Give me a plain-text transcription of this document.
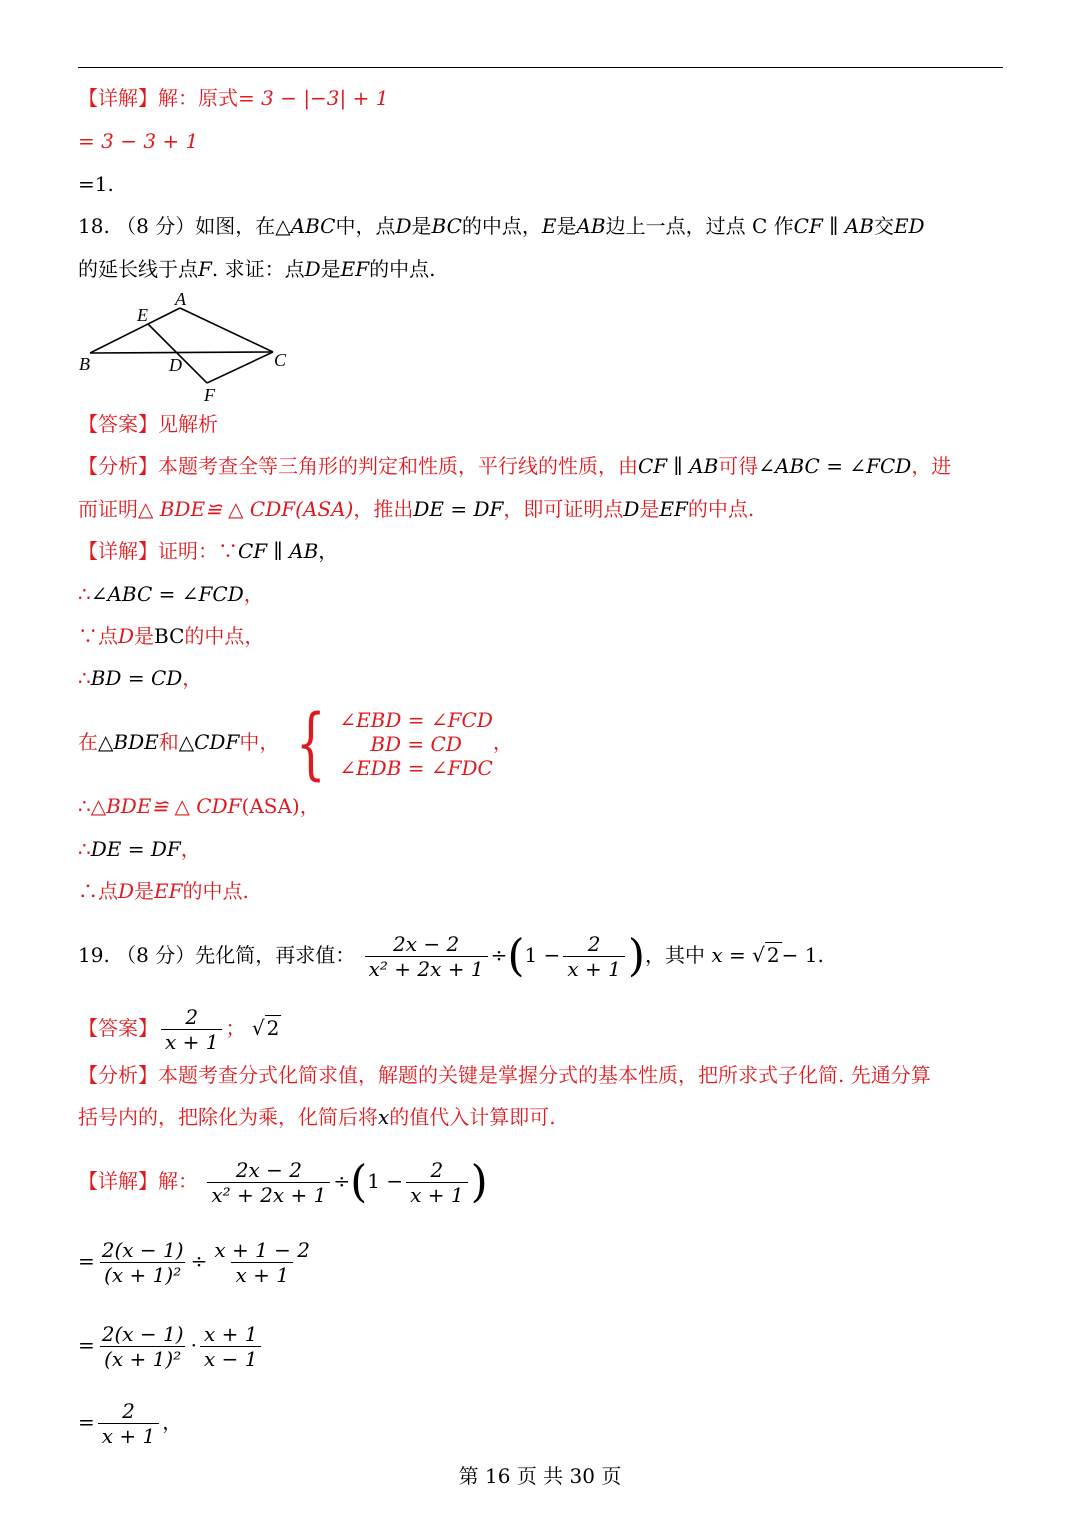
【详解】解：原式= 3 − |−3| + 1
= 3 − 3 + 1
=1.
18. （8 分）如图，在△ABC中，点D是BC的中点，E是AB边上一点，过点 C 作CF ∥ AB交ED
的延长线于点F. 求证：点D是EF的中点.
A
B	C
D
E
F
【答案】见解析
【分析】本题考查全等三角形的判定和性质，平行线的性质，由CF ∥ AB可得∠ABC = ∠FCD，进
而证明△ BDE≌ △ CDF(ASA)，推出DE = DF，即可证明点D是EF的中点.
【详解】证明：∵CF ∥ AB，
∴∠ABC = ∠FCD，
∵点D是BC的中点，
∴BD = CD，
在△BDE和△CDF中， { ∠EBD = ∠FCD
BD = CD
∠EDB = ∠FDC
，
∴△BDE≌ △ CDF(ASA)，
∴DE = DF，
∴点D是EF的中点.
19. （8 分）先化简，再求值： $\frac{2x - 2}{\text{x² + 2x + 1}} \div(1 - \frac{2}{x + 1}$ )，其中 x = √ 2 − 1.
【答案】 $\frac{2}{x + 1}$ ； √ 2
【分析】本题考查分式化简求值，解题的关键是掌握分式的基本性质，把所求式子化简. 先通分算
括号内的，把除化为乘，化简后将x的值代入计算即可.
【详解】解： $\frac{2x - 2}{\text{x² + 2x + 1}} \div(1 - \frac{2}{x + 1}$ )
= $\frac{2(x - 1)}{\text{(x + 1)²}} \div \frac{x + 1 - 2}{x + 1}$
= $\frac{2(x - 1)}{\text{(x + 1)²}} \cdot \frac{x + 1}{x - 1}$
= $\frac{2}{x + 1}$ ，
第 16 页 共 30 页
